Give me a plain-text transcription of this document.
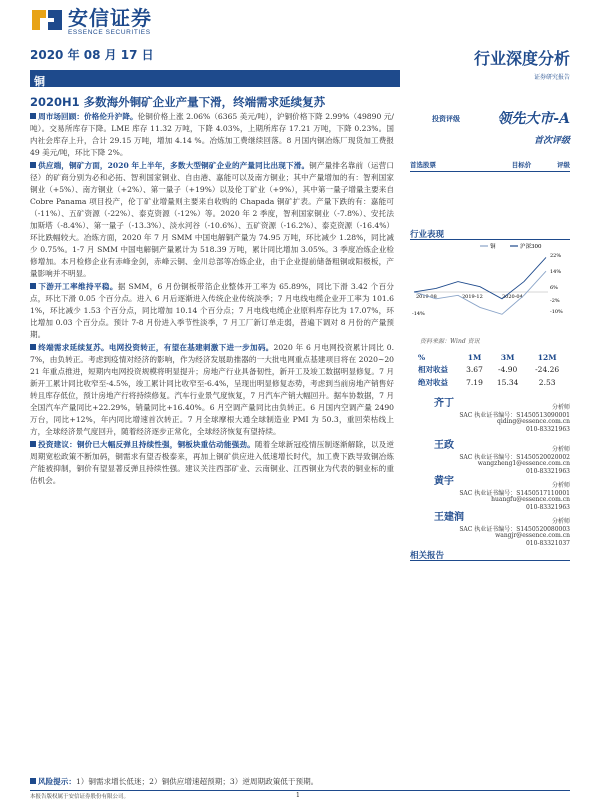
安信证券
ESSENCE SECURITIES
2020 年 08 月 17 日	行业深度分析
证券研究报告
铜
2020H1 多数海外铜矿企业产量下滑，终端需求延续复苏

周市场回顾：价格伦升沪降。伦铜价格上涨 2.06%（6365 美元/吨），沪铜价格下降 2.99%（49890 元/吨）。交易所库存下降。LME 库存 11.32 万吨，下降 4.03%，上期所库存 17.21 万吨，下降 0.23%。国内社会库存上升，合计 29.15 万吨，增加 4.14 %。冶炼加工费继续回落。8 月国内铜冶炼厂现货加工费报 49 美元/吨，环比下降 2%。

供应端，铜矿方面，2020 年上半年，多数大型铜矿企业的产量同比出现下滑。铜产量排名靠前（运营口径）的矿商分别为必和必拓、智利国家铜业、自由港、嘉能可以及南方铜业；其中产量增加的有：智利国家铜业（+5%）、南方铜业（+2%）、第一量子（+19%）以及伦丁矿业（+9%），其中第一量子增量主要来自 Cobre Panama 项目投产，伦丁矿业增量则主要来自收购的 Chapada 铜矿扩表。产量下跌的有：嘉能可（-11%）、五矿资源（-22%）、泰克资源（-12%）等。2020 年 2 季度，智利国家铜业（-7.8%）、安托法加斯塔（-8.4%）、第一量子（-13.3%）、淡水河谷（-10.6%）、五矿资源（-16.2%）、泰克资源（-16.4%）环比跌幅较大。冶炼方面，2020 年 7 月 SMM 中国电解铜产量为 74.95 万吨，环比减少 1.28%，同比减少 0.75%。1-7 月 SMM 中国电解铜产量累计为 518.39 万吨，累计同比增加 3.05%。3 季度冶炼企业检修增加。本月检修企业有赤峰金剑，赤峰云铜、金川总部等冶炼企业，由于企业提前储备粗铜或阳极板，产量影响并不明显。

下游开工率维持平稳。据 SMM，6 月份铜板带箔企业整体开工率为 65.89%，同比下滑 3.42 个百分点，环比下滑 0.05 个百分点。进入 6 月后逐渐进入传统企业传统淡季；7 月电线电缆企业开工率为 101.61%，环比减少 1.53 个百分点，同比增加 10.14 个百分点；7 月电线电缆企业原料库存比为 17.07%，环比增加 0.03 个百分点。预计 7-8 月份进入季节性淡季，7 月工厂新订单走弱，普遍下调对 8 月份的产量预期。

终端需求延续复苏。电网投资转正，有望在基建刺激下进一步加码。2020 年 6 月电网投资累计同比 0.7%，由负转正。考虑到疫情对经济的影响，作为经济发展助推器的一大批电网重点基建项目将在 2020~2021 年重点推进，短期内电网投资规模将明显提升；房地产行业具备韧性，新开工及竣工数据明显修复。7 月新开工累计同比收窄至-4.5%，竣工累计同比收窄至-6.4%，呈现出明显修复态势，考虑到当前房地产销售好转且库存低位，预计房地产行将持续修复。汽车行业景气度恢复，7 月汽车产销大幅回升。据车协数据，7 月全国汽车产量同比+22.29%，销量同比+16.40%。6 月空调产量同比由负转正。6 月国内空调产量 2490 万台，同比+12%，年内同比增速首次转正。7 月全球摩根大通全球制造业 PMI 为 50.3，重回荣枯线上方，全球经济景气度回升，随着经济逐步正常化，全球经济恢复有望持续。

投资建议：铜价已大幅反弹且持续性强，铜板块重估动能强劲。随着全球新冠疫情压制逐渐解除，以及逆周期宽松政策不断加码，铜需求有望否极泰来，再加上铜矿供应进入低速增长时代，加工费下跌导致铜冶炼产能被抑制，铜价有望显著反弹且持续性强。建议关注西部矿业、云南铜业、江西铜业为代表的铜业标的重估机会。

风险提示：1）铜需求增长低迷；2）铜供应增速超预期；3）逆周期政策低于预期。
本报告版权属于安信证券股份有限公司。	1
投资评级	领先大市-A
首次评级
首选股票	目标价	评级
行业表现
铜	沪深300
22%
14%
6%
-2%
-10%
-14%
2019-08	2019-12	2020-04
资料来源：Wind 资讯
%	1M	3M	12M
相对收益	3.67	-4.90	-24.26
绝对收益	7.19	15.34	2.53
齐丁	分析师
SAC 执业证书编号：S1450513090001
qiding@essence.com.cn
010-83321963
王政	分析师
SAC 执业证书编号：S1450520020002
wangzheng1@essence.com.cn
010-83321963
黄宇	分析师
SAC 执业证书编号：S1450517110001
huangfu@essence.com.cn
010-83321963
王建润	分析师
SAC 执业证书编号：S1450520080003
wangjr@essence.com.cn
010-83321037
相关报告
